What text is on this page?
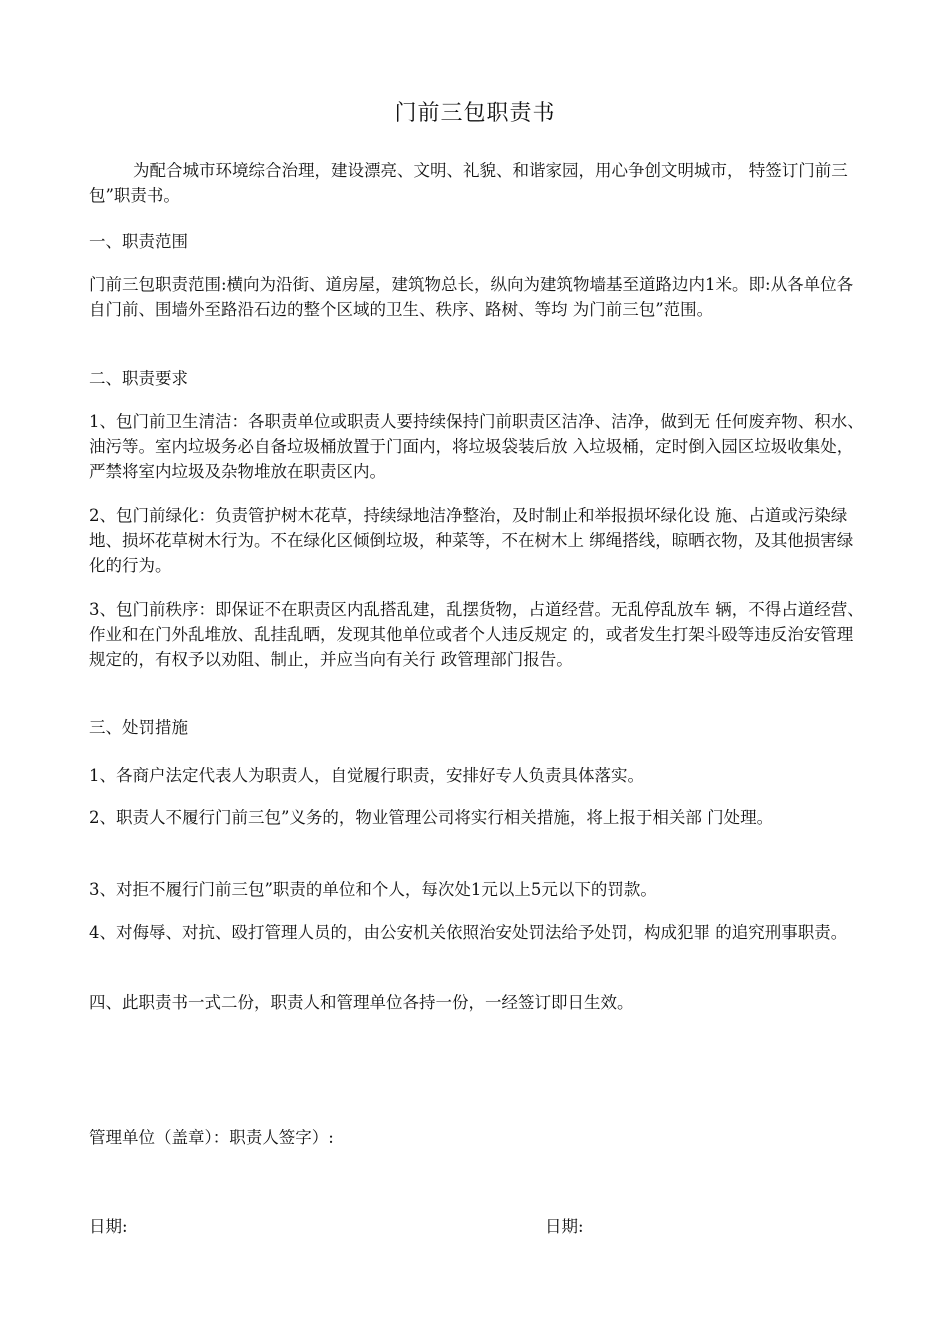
门前三包职责书
为配合城市环境综合治理，建设漂亮、文明、礼貌、和谐家园，用心争创文明城市， 特签订门前三包”职责书。
一、职责范围
门前三包职责范围:横向为沿街、道房屋，建筑物总长，纵向为建筑物墙基至道路边内1米。即:从各单位各自门前、围墙外至路沿石边的整个区域的卫生、秩序、路树、等均 为门前三包”范围。
二、职责要求
1、包门前卫生清洁：各职责单位或职责人要持续保持门前职责区洁净、洁净，做到无 任何废弃物、积水、油污等。室内垃圾务必自备垃圾桶放置于门面内，将垃圾袋装后放 入垃圾桶，定时倒入园区垃圾收集处，严禁将室内垃圾及杂物堆放在职责区内。
2、包门前绿化：负责管护树木花草，持续绿地洁净整治，及时制止和举报损坏绿化设 施、占道或污染绿地、损坏花草树木行为。不在绿化区倾倒垃圾，种菜等，不在树木上 绑绳搭线，晾晒衣物，及其他损害绿化的行为。
3、包门前秩序：即保证不在职责区内乱搭乱建，乱摆货物，占道经营。无乱停乱放车 辆，不得占道经营、作业和在门外乱堆放、乱挂乱晒，发现其他单位或者个人违反规定 的，或者发生打架斗殴等违反治安管理规定的，有权予以劝阻、制止，并应当向有关行 政管理部门报告。
三、处罚措施
1、各商户法定代表人为职责人，自觉履行职责，安排好专人负责具体落实。
2、职责人不履行门前三包”义务的，物业管理公司将实行相关措施，将上报于相关部 门处理。
3、对拒不履行门前三包”职责的单位和个人，每次处1元以上5元以下的罚款。
4、对侮辱、对抗、殴打管理人员的，由公安机关依照治安处罚法给予处罚，构成犯罪 的追究刑事职责。
四、此职责书一式二份，职责人和管理单位各持一份，一经签订即日生效。
管理单位（盖章）：职责人签字）:
日期:	日期:
